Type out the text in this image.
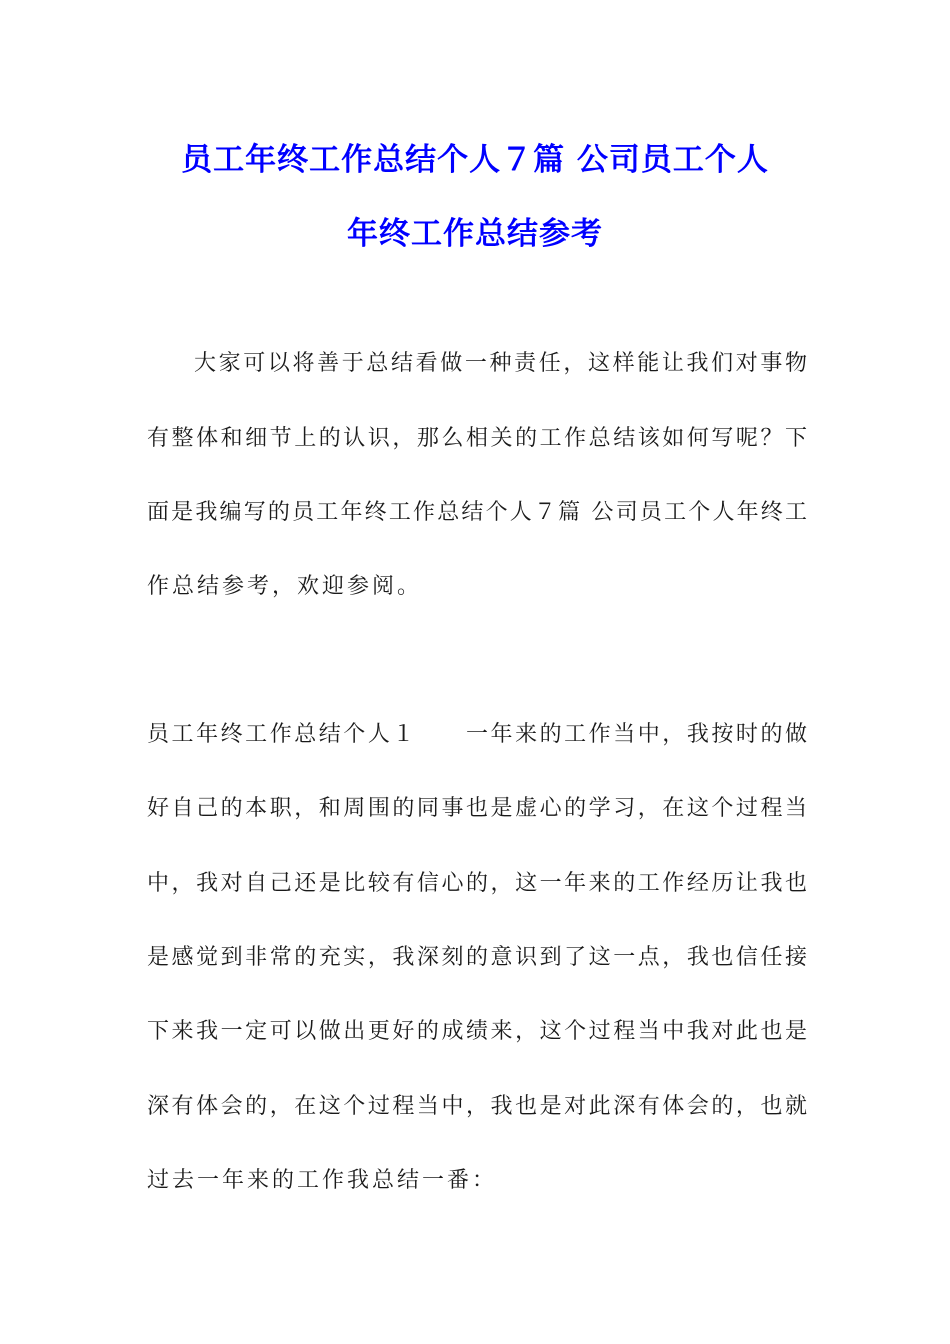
员工年终工作总结个人７篇 公司员工个人
年终工作总结参考
大家可以将善于总结看做一种责任，这样能让我们对事物
有整体和细节上的认识，那么相关的工作总结该如何写呢？下
面是我编写的员工年终工作总结个人７篇 公司员工个人年终工
作总结参考，欢迎参阅。
员工年终工作总结个人１　　一年来的工作当中，我按时的做
好自己的本职，和周围的同事也是虚心的学习，在这个过程当
中，我对自己还是比较有信心的，这一年来的工作经历让我也
是感觉到非常的充实，我深刻的意识到了这一点，我也信任接
下来我一定可以做出更好的成绩来，这个过程当中我对此也是
深有体会的，在这个过程当中，我也是对此深有体会的，也就
过去一年来的工作我总结一番：
